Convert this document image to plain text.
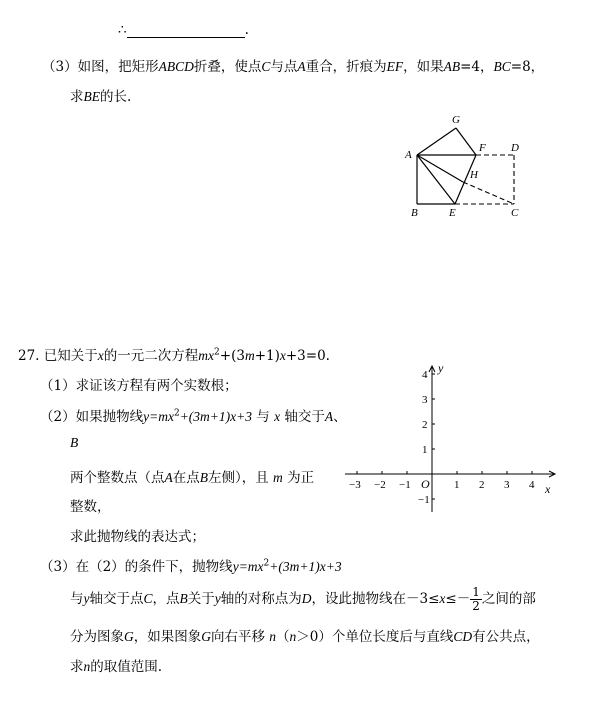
∴	.
（3）如图，把矩形ABCD折叠，使点C与点A重合，折痕为EF，如果AB=4，BC=8，
求BE的长.
G
A
F D
H
B	E	C
27. 已知关于x的一元二次方程$mx^2+(3m+1)x+3=0$.
（1）求证该方程有两个实数根；
（2）如果抛物线$y=mx^2+(3m+1)x+3$ 与 x 轴交于A、
B
两个整数点（点A在点B左侧），且 m 为正
整数，
求此抛物线的表达式；
−3 −2 −1	1 2 3 4
4
3
2
1
−1
x
y
O
（3）在（2）的条件下，抛物线$y=mx^2+(3m+1)x+3$
与y轴交于点C，点B关于y轴的对称点为D，设此抛物线在$-3\le x\le- \frac{1}{2}$ 之间的部
分为图象G，如果图象G向右平移 n（n＞0）个单位长度后与直线CD有公共点，
求n的取值范围.
